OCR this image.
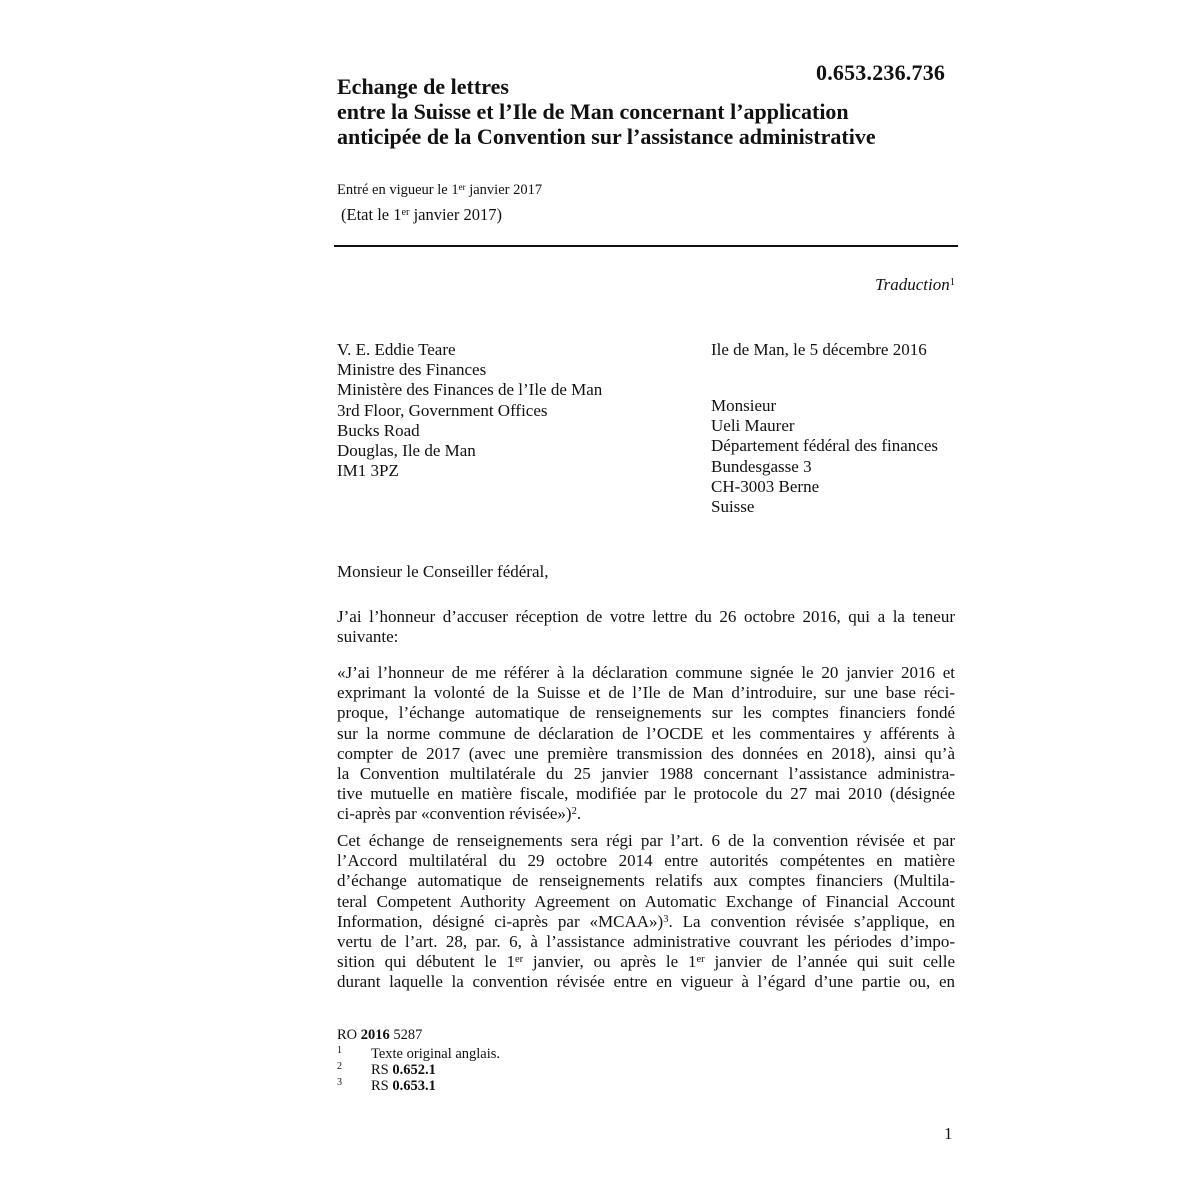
0.653.236.736
Echange de lettres
entre la Suisse et l’Ile de Man concernant l’application
anticipée de la Convention sur l’assistance administrative
Entré en vigueur le 1er janvier 2017
(Etat le 1er janvier 2017)
Traduction$^1$
V. E. Eddie Teare
Ministre des Finances
Ministère des Finances de l’Ile de Man
3rd Floor, Government Offices
Bucks Road
Douglas, Ile de Man
IM1 3PZ
Ile de Man, le 5 décembre 2016
Monsieur
Ueli Maurer
Département fédéral des finances
Bundesgasse 3
CH-3003 Berne
Suisse
Monsieur le Conseiller fédéral,
J’ai l’honneur d’accuser réception de votre lettre du 26 octobre 2016, qui a la teneur
suivante:
«J’ai l’honneur de me référer à la déclaration commune signée le 20 janvier 2016 et
exprimant la volonté de la Suisse et de l’Ile de Man d’introduire, sur une base réci-
proque, l’échange automatique de renseignements sur les comptes financiers fondé
sur la norme commune de déclaration de l’OCDE et les commentaires y afférents à
compter de 2017 (avec une première transmission des données en 2018), ainsi qu’à
la Convention multilatérale du 25 janvier 1988 concernant l’assistance administra-
tive mutuelle en matière fiscale, modifiée par le protocole du 27 mai 2010 (désignée
ci-après par «convention révisée»)$^2$.
Cet échange de renseignements sera régi par l’art. 6 de la convention révisée et par
l’Accord multilatéral du 29 octobre 2014 entre autorités compétentes en matière
d’échange automatique de renseignements relatifs aux comptes financiers (Multila-
teral Competent Authority Agreement on Automatic Exchange of Financial Account
Information, désigné ci-après par «MCAA»)$^3$. La convention révisée s’applique, en
vertu de l’art. 28, par. 6, à l’assistance administrative couvrant les périodes d’impo-
sition qui débutent le 1er janvier, ou après le 1er janvier de l’année qui suit celle
durant laquelle la convention révisée entre en vigueur à l’égard d’une partie ou, en
RO 2016 5287
1 Texte original anglais.
2 RS 0.652.1
3 RS 0.653.1
1
